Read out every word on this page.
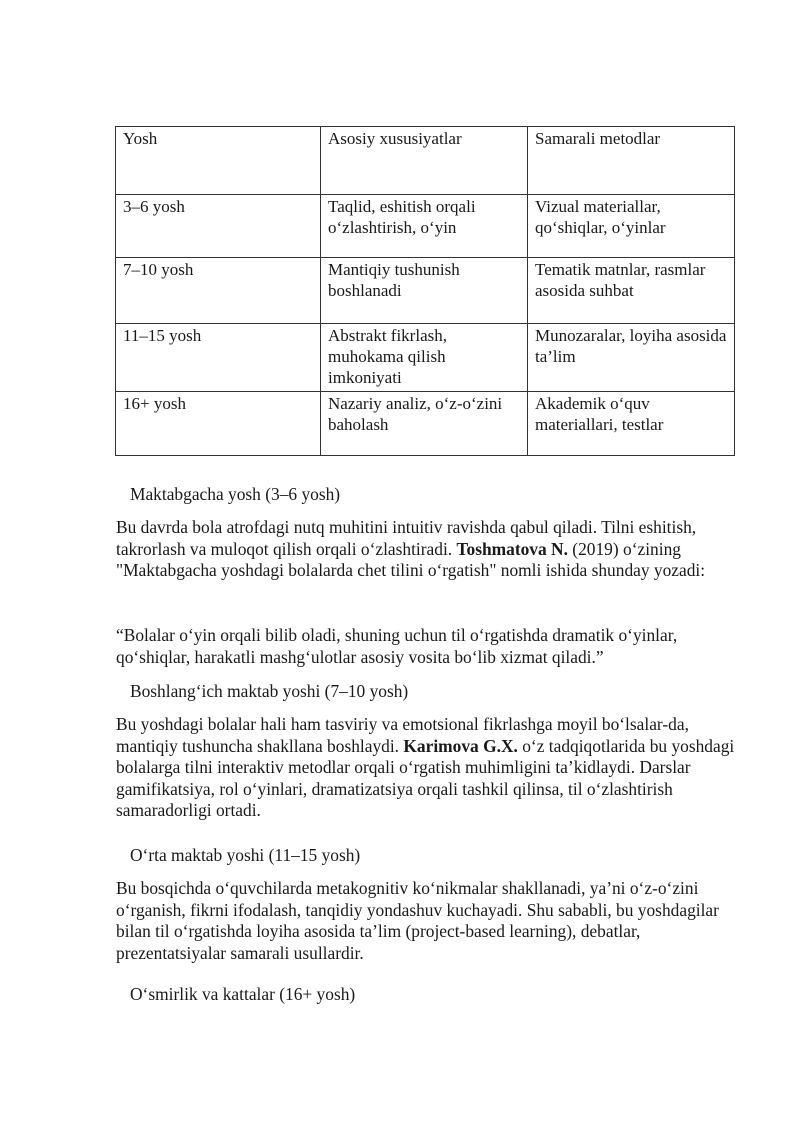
Yosh	Asosiy xususiyatlar	Samarali metodlar
3–6 yosh	Taqlid, eshitish orqali o‘zlashtirish, o‘yin	Vizual materiallar, qo‘shiqlar, o‘yinlar
7–10 yosh	Mantiqiy tushunish boshlanadi	Tematik matnlar, rasmlar asosida suhbat
11–15 yosh	Abstrakt fikrlash, muhokama qilish imkoniyati	Munozaralar, loyiha asosida ta’lim
16+ yosh	Nazariy analiz, o‘z-o‘zini baholash	Akademik o‘quv materiallari, testlar
Maktabgacha yosh (3–6 yosh)

Bu davrda bola atrofdagi nutq muhitini intuitiv ravishda qabul qiladi. Tilni eshitish, takrorlash va muloqot qilish orqali o‘zlashtiradi. Toshmatova N. (2019) o‘zining "Maktabgacha yoshdagi bolalarda chet tilini o‘rgatish" nomli ishida shunday yozadi:

“Bolalar o‘yin orqali bilib oladi, shuning uchun til o‘rgatishda dramatik o‘yinlar, qo‘shiqlar, harakatli mashg‘ulotlar asosiy vosita bo‘lib xizmat qiladi.”

Boshlang‘ich maktab yoshi (7–10 yosh)

Bu yoshdagi bolalar hali ham tasviriy va emotsional fikrlashga moyil bo‘lsalar-da, mantiqiy tushuncha shakllana boshlaydi. Karimova G.X. o‘z tadqiqotlarida bu yoshdagi bolalarga tilni interaktiv metodlar orqali o‘rgatish muhimligini ta’kidlaydi. Darslar gamifikatsiya, rol o‘yinlari, dramatizatsiya orqali tashkil qilinsa, til o‘zlashtirish samaradorligi ortadi.

O‘rta maktab yoshi (11–15 yosh)

Bu bosqichda o‘quvchilarda metakognitiv ko‘nikmalar shakllanadi, ya’ni o‘z-o‘zini o‘rganish, fikrni ifodalash, tanqidiy yondashuv kuchayadi. Shu sababli, bu yoshdagilar bilan til o‘rgatishda loyiha asosida ta’lim (project-based learning), debatlar, prezentatsiyalar samarali usullardir.

O‘smirlik va kattalar (16+ yosh)
